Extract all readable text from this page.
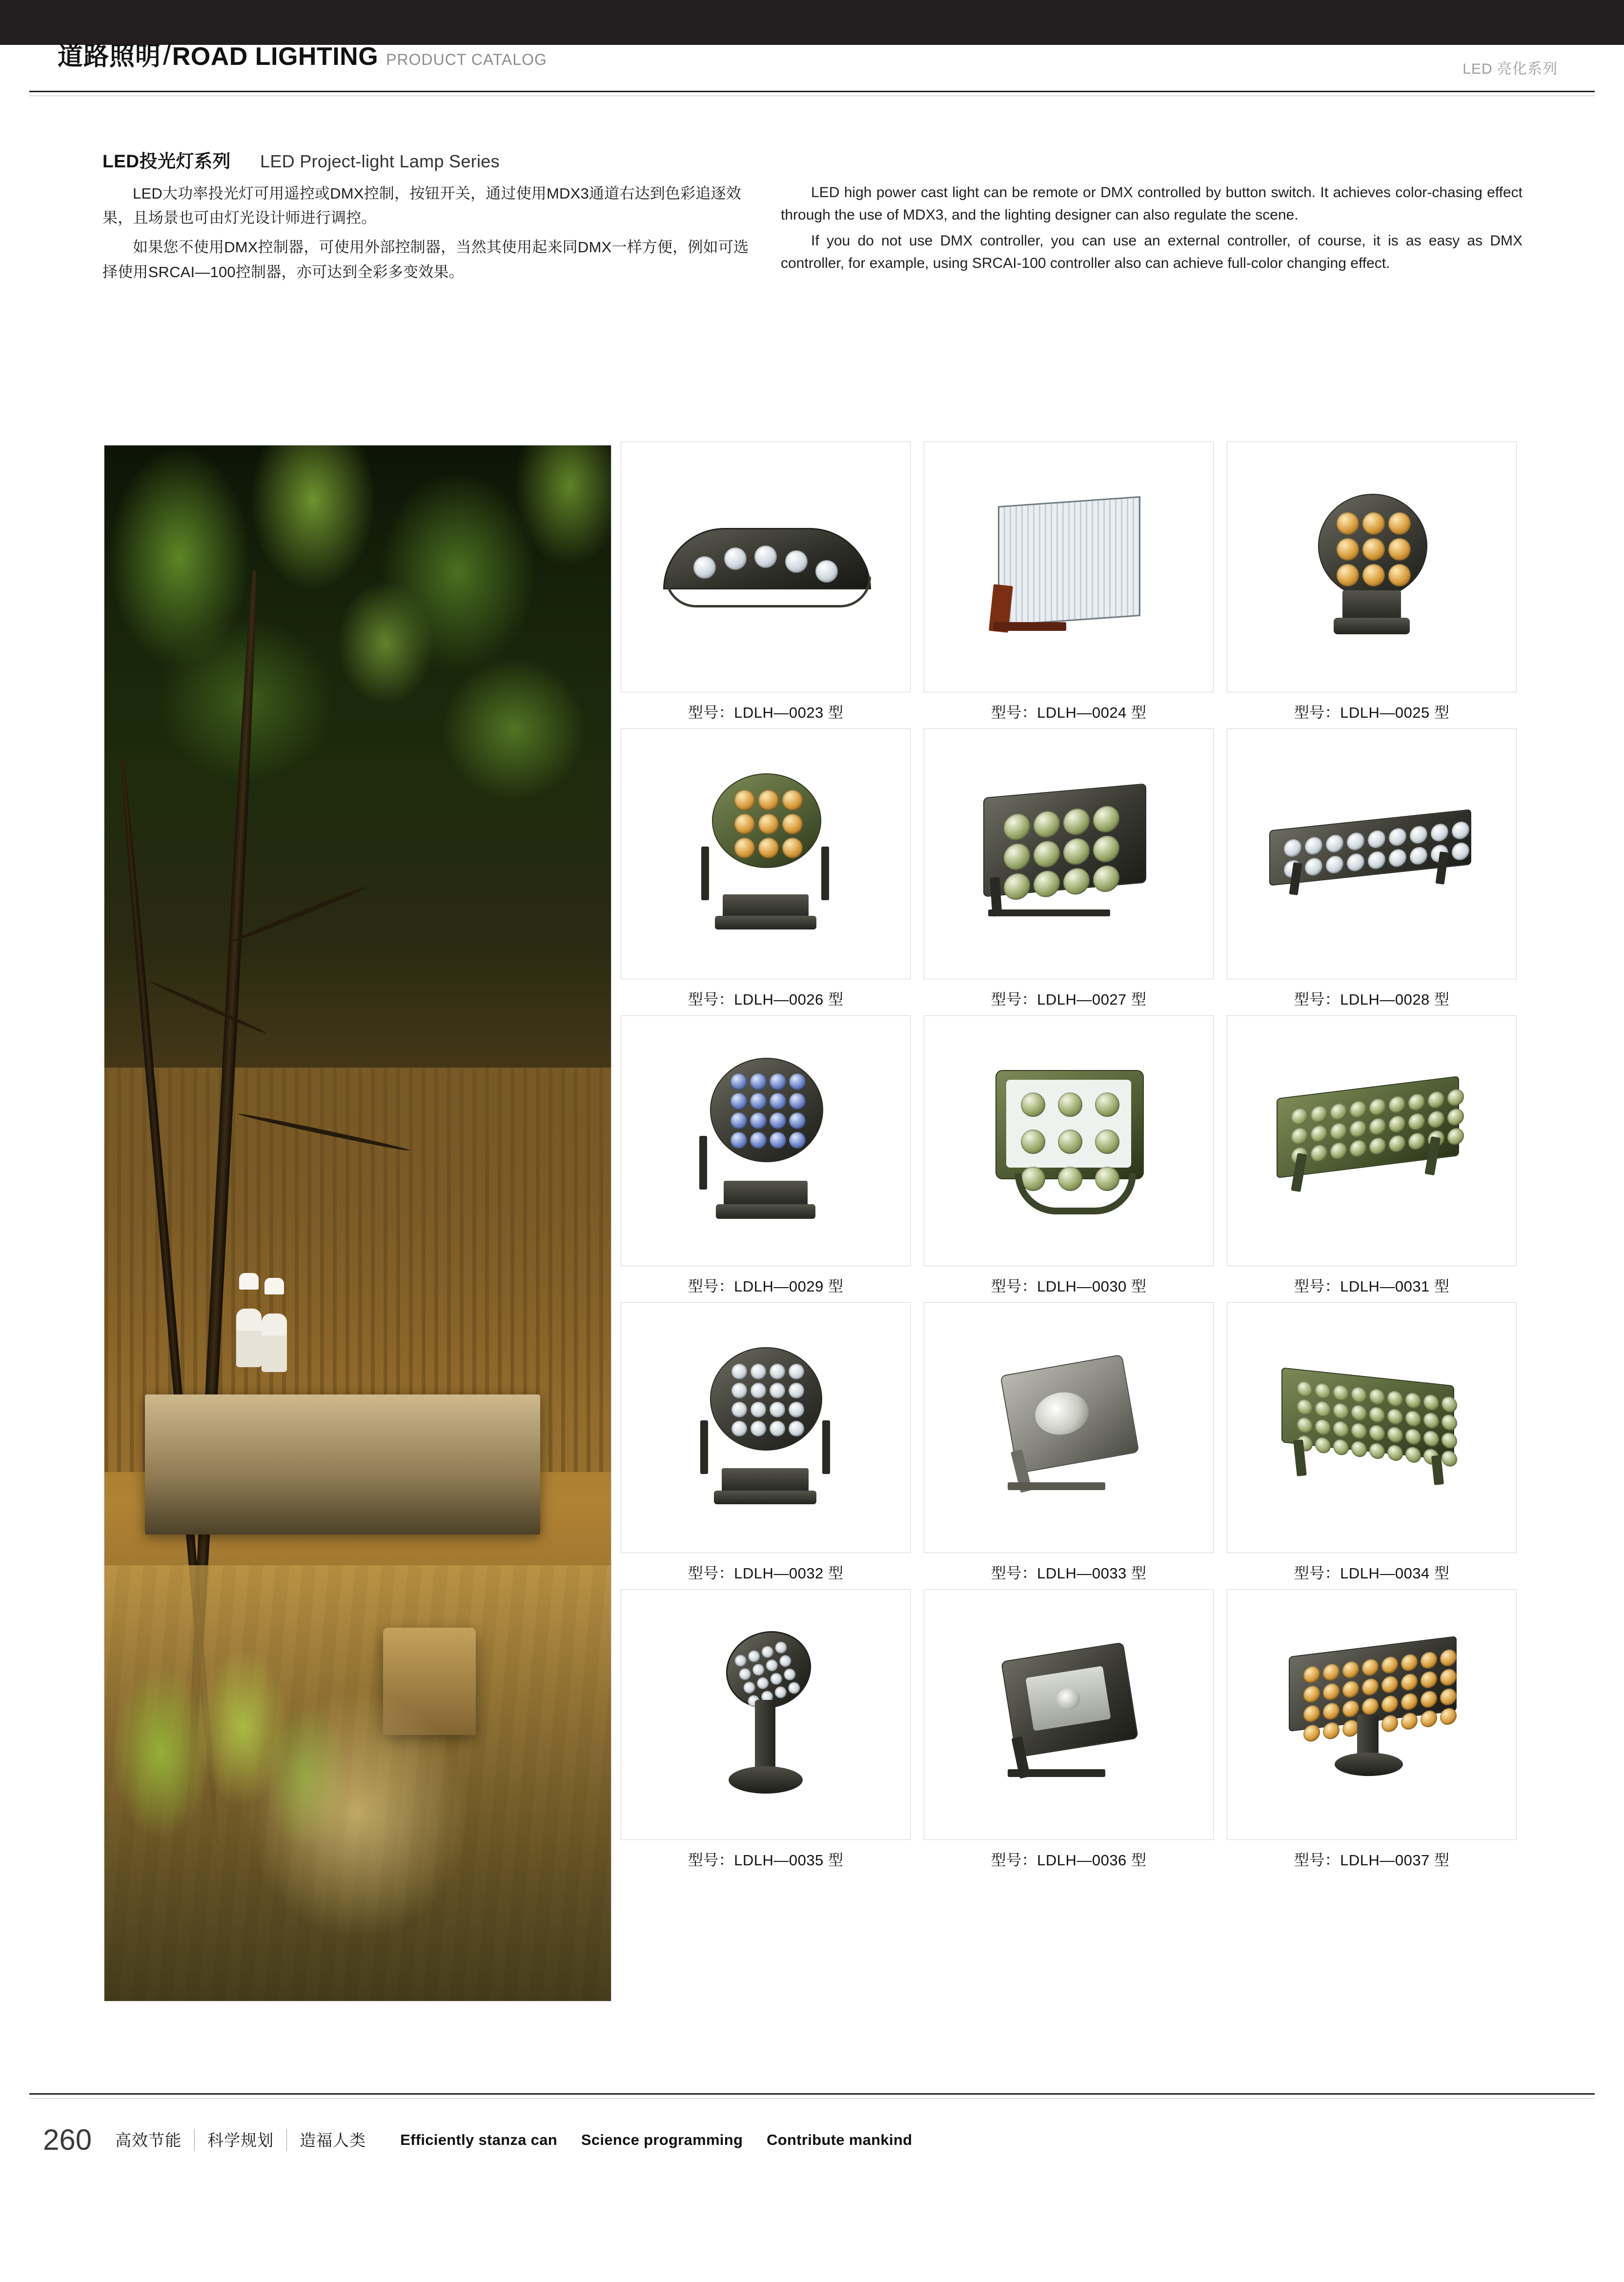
道路照明 / ROAD LIGHTING PRODUCT CATALOG
LED 亮化系列
LED投光灯系列 LED Project-light Lamp Series

LED大功率投光灯可用遥控或DMX控制，按钮开关，通过使用MDX3通道右达到色彩追逐效果，且场景也可由灯光设计师进行调控。

如果您不使用DMX控制器，可使用外部控制器，当然其使用起来同DMX一样方便，例如可选择使用SRCAI—100控制器，亦可达到全彩多变效果。

LED high power cast light can be remote or DMX controlled by button switch. It achieves color-chasing effect through the use of MDX3, and the lighting designer can also regulate the scene.

If you do not use DMX controller, you can use an external controller, of course, it is as easy as DMX controller, for example, using SRCAI-100 controller also can achieve full-color changing effect.

型号：LDLH—0023 型	型号：LDLH—0024 型	型号：LDLH—0025 型
型号：LDLH—0026 型	型号：LDLH—0027 型	型号：LDLH—0028 型
型号：LDLH—0029 型	型号：LDLH—0030 型	型号：LDLH—0031 型
型号：LDLH—0032 型	型号：LDLH—0033 型	型号：LDLH—0034 型
型号：LDLH—0035 型	型号：LDLH—0036 型	型号：LDLH—0037 型
260	高效节能	科学规划	造福人类	Efficiently stanza can Science programming Contribute mankind
